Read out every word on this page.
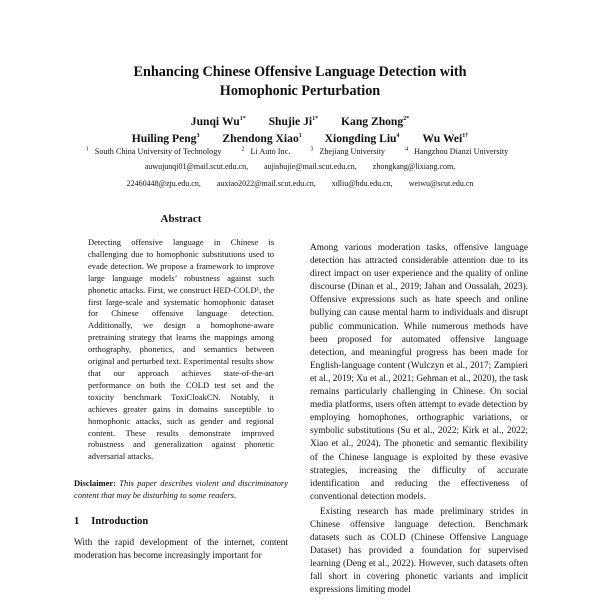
Enhancing Chinese Offensive Language Detection with
Homophonic Perturbation
Junqi $Wu^{1*}$ Shujie $Ji^{1*}$ Kang Zhong$^{2*}$
Huiling Peng$^3$ Zhendong Xiao$^1$ Xiongding Liu$^4$ Wu Wei$^{1\dagger}$
$^1$ South China University of Technology	$^2$ Li Auto Inc.	$^3$ Zhejiang University	$^4$ Hangzhou Dianzi University
auwujunqi01@mail.scut.edu.cn, aujishujie@mail.scut.edu.cn, zhongkang@lixiang.com,
22460448@zju.edu.cn, auxiao2022@mail.scut.edu.cn, xdliu@hdu.edu.cn, weiwu@scut.edu.cn
Abstract
Detecting offensive language in Chinese is challenging due to homophonic substitutions used to evade detection. We propose a framework to improve large language models’ robustness against such phonetic attacks. First, we construct HED-COLD¹, the first large-scale and systematic homophonic dataset for Chinese offensive language detection. Additionally, we design a homophone-aware pretraining strategy that learns the mappings among orthography, phonetics, and semantics between original and perturbed text. Experimental results show that our approach achieves state-of-the-art performance on both the COLD test set and the toxicity benchmark ToxiCloakCN. Notably, it achieves greater gains in domains susceptible to homophonic attacks, such as gender and regional content. These results demonstrate improved robustness and generalization against phonetic adversarial attacks.
Disclaimer: This paper describes violent and discriminatory content that may be disturbing to some readers.
1 Introduction
With the rapid development of the internet, content moderation has become increasingly important for

Among various moderation tasks, offensive language detection has attracted considerable attention due to its direct impact on user experience and the quality of online discourse (Dinan et al., 2019; Jahan and Oussalah, 2023). Offensive expressions such as hate speech and online bullying can cause mental harm to individuals and disrupt public communication. While numerous methods have been proposed for automated offensive language detection, and meaningful progress has been made for English-language content (Wulczyn et al., 2017; Zampieri et al., 2019; Xu et al., 2021; Gehman et al., 2020), the task remains particularly challenging in Chinese. On social media platforms, users often attempt to evade detection by employing homophones, orthographic variations, or symbolic substitutions (Su et al., 2022; Kirk et al., 2022; Xiao et al., 2024). The phonetic and semantic flexibility of the Chinese language is exploited by these evasive strategies, increasing the difficulty of accurate identification and reducing the effectiveness of conventional detection models.

Existing research has made preliminary strides in Chinese offensive language detection. Benchmark datasets such as COLD (Chinese Offensive Language Dataset) has provided a foundation for supervised learning (Deng et al., 2022). However, such datasets often fall short in covering phonetic variants and implicit expressions limiting model
